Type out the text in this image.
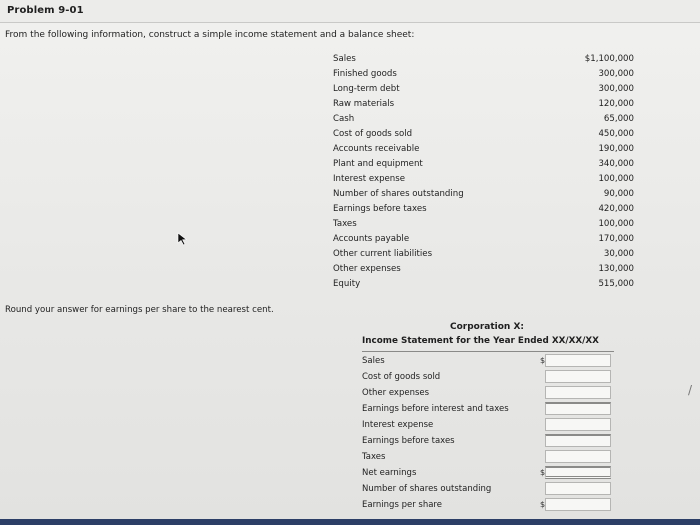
Problem 9-01
From the following information, construct a simple income statement and a balance sheet:
Sales	$1,100,000
Finished goods	300,000
Long-term debt	300,000
Raw materials	120,000
Cash	65,000
Cost of goods sold	450,000
Accounts receivable	190,000
Plant and equipment	340,000
Interest expense	100,000
Number of shares outstanding	90,000
Earnings before taxes	420,000
Taxes	100,000
Accounts payable	170,000
Other current liabilities	30,000
Other expenses	130,000
Equity	515,000
Round your answer for earnings per share to the nearest cent.
Corporation X:
Income Statement for the Year Ended XX/XX/XX
Sales	$
Cost of goods sold
Other expenses
Earnings before interest and taxes
Interest expense
Earnings before taxes
Taxes
Net earnings	$
Number of shares outstanding
Earnings per share	$
/
